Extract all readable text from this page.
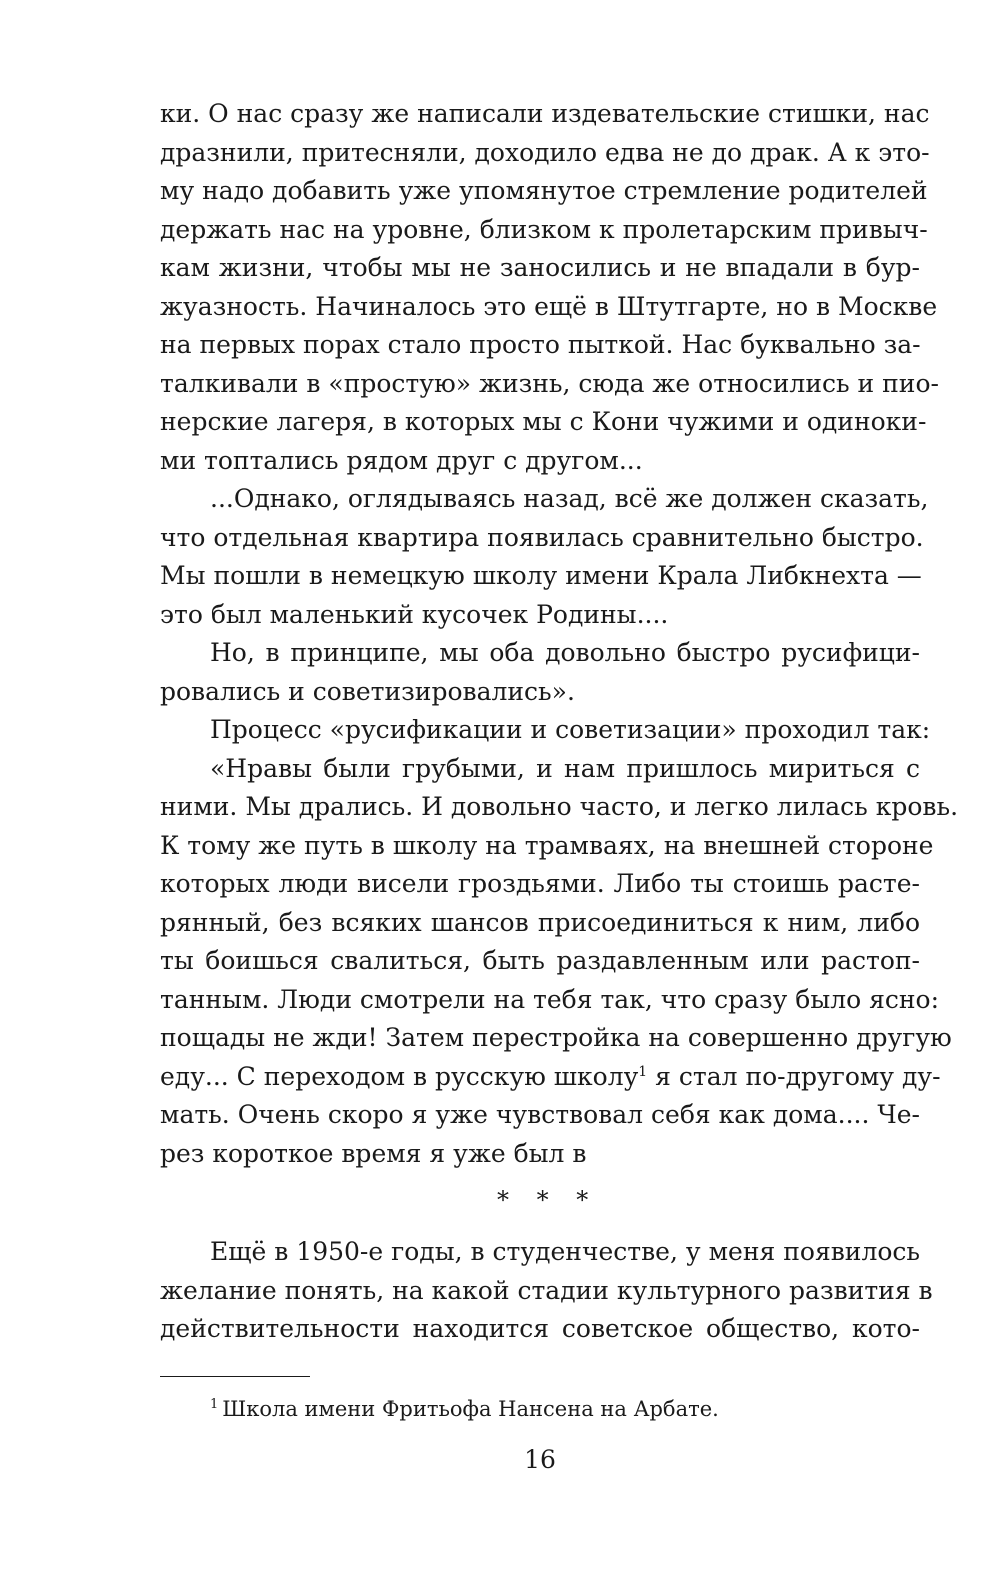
ки. О нас сразу же написали издевательские стишки, нас
дразнили, притесняли, доходило едва не до драк. А к это-
му надо добавить уже упомянутое стремление родителей
держать нас на уровне, близком к пролетарским привыч-
кам жизни, чтобы мы не заносились и не впадали в бур-
жуазность. Начиналось это ещё в Штутгарте, но в Москве
на первых порах стало просто пыткой. Нас буквально за-
талкивали в «простую» жизнь, сюда же относились и пио-
нерские лагеря, в которых мы с Кони чужими и одиноки-
ми топтались рядом друг с другом...
...Однако, оглядываясь назад, всё же должен сказать,
что отдельная квартира появилась сравнительно быстро.
Мы пошли в немецкую школу имени Крала Либкнехта —
это был маленький кусочек Родины....
Но, в принципе, мы оба довольно быстро русифици-
ровались и советизировались».
Процесс «русификации и советизации» проходил так:
«Нравы были грубыми, и нам пришлось мириться с
ними. Мы дрались. И довольно часто, и легко лилась кровь.
К тому же путь в школу на трамваях, на внешней стороне
которых люди висели гроздьями. Либо ты стоишь расте-
рянный, без всяких шансов присоединиться к ним, либо
ты боишься свалиться, быть раздавленным или растоп-
танным. Люди смотрели на тебя так, что сразу было ясно:
пощады не жди! Затем перестройка на совершенно другую
еду... С переходом в русскую школу$^1$ я стал по-другому ду-
мать. Очень скоро я уже чувствовал себя как дома.... Че-
рез короткое время я уже был в
* * *
Ещё в 1950-е годы, в студенчестве, у меня появилось
желание понять, на какой стадии культурного развития в
действительности находится советское общество, кото-
$^1$ Школа имени Фритьофа Нансена на Арбате.
16
